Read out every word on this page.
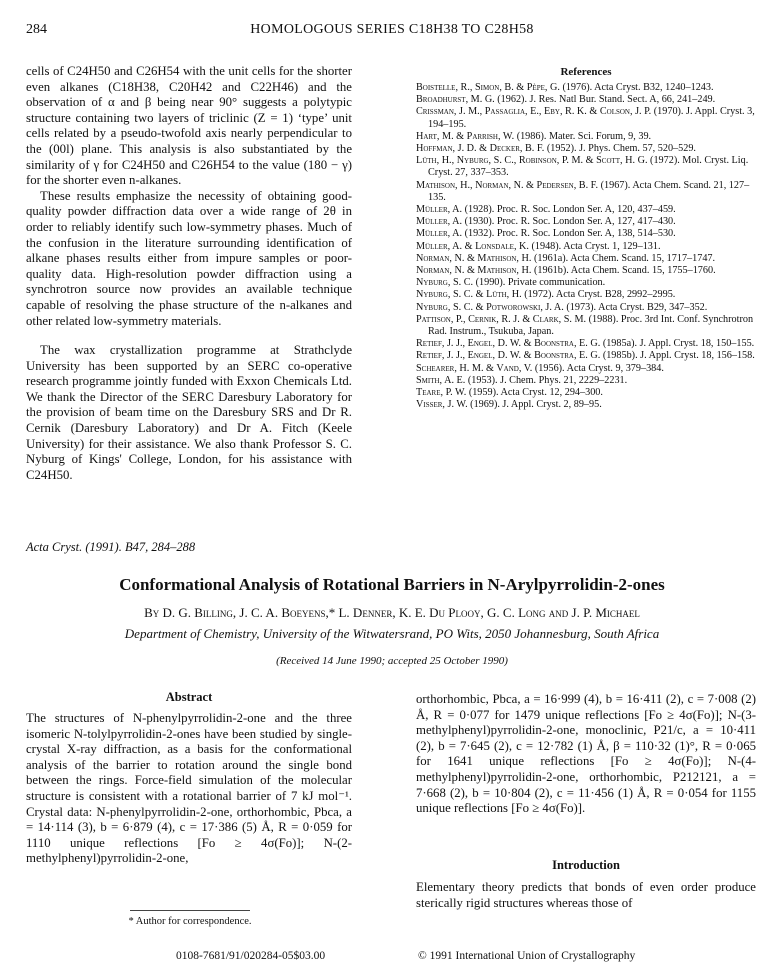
284	HOMOLOGOUS SERIES C18H38 TO C28H58

cells of C24H50 and C26H54 with the unit cells for the shorter even alkanes (C18H38, C20H42 and C22H46) and the observation of α and β being near 90° suggests a polytypic structure containing two layers of triclinic (Z = 1) ‘type’ unit cells related by a pseudo-twofold axis nearly perpendicular to the (00l) plane. This analysis is also substantiated by the similarity of γ for C24H50 and C26H54 to the value (180 − γ) for the shorter even n-alkanes.

These results emphasize the necessity of obtaining good-quality powder diffraction data over a wide range of 2θ in order to reliably identify such low-symmetry phases. Much of the confusion in the literature surrounding identification of alkane phases results either from impure samples or poor-quality data. High-resolution powder diffraction using a synchrotron source now provides an available technique capable of resolving the phase structure of the n-alkanes and other related low-symmetry materials.

The wax crystallization programme at Strathclyde University has been supported by an SERC co-operative research programme jointly funded with Exxon Chemicals Ltd. We thank the Director of the SERC Daresbury Laboratory for the provision of beam time on the Daresbury SRS and Dr R. Cernik (Daresbury Laboratory) and Dr A. Fitch (Keele University) for their assistance. We also thank Professor S. C. Nyburg of Kings' College, London, for his assistance with C24H50.

References

Boistelle, R., Simon, B. & Pèpe, G. (1976). Acta Cryst. B32, 1240–1243.

Broadhurst, M. G. (1962). J. Res. Natl Bur. Stand. Sect. A, 66, 241–249.

Crissman, J. M., Passaglia, E., Eby, R. K. & Colson, J. P. (1970). J. Appl. Cryst. 3, 194–195.

Hart, M. & Parrish, W. (1986). Mater. Sci. Forum, 9, 39.

Hoffman, J. D. & Decker, B. F. (1952). J. Phys. Chem. 57, 520–529.

Lüth, H., Nyburg, S. C., Robinson, P. M. & Scott, H. G. (1972). Mol. Cryst. Liq. Cryst. 27, 337–353.

Mathison, H., Norman, N. & Pedersen, B. F. (1967). Acta Chem. Scand. 21, 127–135.

Müller, A. (1928). Proc. R. Soc. London Ser. A, 120, 437–459.

Müller, A. (1930). Proc. R. Soc. London Ser. A, 127, 417–430.

Müller, A. (1932). Proc. R. Soc. London Ser. A, 138, 514–530.

Müller, A. & Lonsdale, K. (1948). Acta Cryst. 1, 129–131.

Norman, N. & Mathison, H. (1961a). Acta Chem. Scand. 15, 1717–1747.

Norman, N. & Mathison, H. (1961b). Acta Chem. Scand. 15, 1755–1760.

Nyburg, S. C. (1990). Private communication.

Nyburg, S. C. & Lüth, H. (1972). Acta Cryst. B28, 2992–2995.

Nyburg, S. C. & Potworowski, J. A. (1973). Acta Cryst. B29, 347–352.

Pattison, P., Cernik, R. J. & Clark, S. M. (1988). Proc. 3rd Int. Conf. Synchrotron Rad. Instrum., Tsukuba, Japan.

Retief, J. J., Engel, D. W. & Boonstra, E. G. (1985a). J. Appl. Cryst. 18, 150–155.

Retief, J. J., Engel, D. W. & Boonstra, E. G. (1985b). J. Appl. Cryst. 18, 156–158.

Schearer, H. M. & Vand, V. (1956). Acta Cryst. 9, 379–384.

Smith, A. E. (1953). J. Chem. Phys. 21, 2229–2231.

Teare, P. W. (1959). Acta Cryst. 12, 294–300.

Visser, J. W. (1969). J. Appl. Cryst. 2, 89–95.

Acta Cryst. (1991). B47, 284–288
Conformational Analysis of Rotational Barriers in N-Arylpyrrolidin-2-ones
By D. G. Billing, J. C. A. Boeyens,* L. Denner, K. E. Du Plooy, G. C. Long and J. P. Michael
Department of Chemistry, University of the Witwatersrand, PO Wits, 2050 Johannesburg, South Africa
(Received 14 June 1990; accepted 25 October 1990)
Abstract

The structures of N-phenylpyrrolidin-2-one and the three isomeric N-tolylpyrrolidin-2-ones have been studied by single-crystal X-ray diffraction, as a basis for the conformational analysis of the barrier to rotation around the single bond between the rings. Force-field simulation of the molecular structure is consistent with a rotational barrier of 7 kJ mol⁻¹. Crystal data: N-phenylpyrrolidin-2-one, orthorhombic, Pbca, a = 14·114 (3), b = 6·879 (4), c = 17·386 (5) Å, R = 0·059 for 1110 unique reflections [Fo ≥ 4σ(Fo)]; N-(2-methylphenyl)pyrrolidin-2-one,

orthorhombic, Pbca, a = 16·999 (4), b = 16·411 (2), c = 7·008 (2) Å, R = 0·077 for 1479 unique reflections [Fo ≥ 4σ(Fo)]; N-(3-methylphenyl)pyrrolidin-2-one, monoclinic, P21/c, a = 10·411 (2), b = 7·645 (2), c = 12·782 (1) Å, β = 110·32 (1)°, R = 0·065 for 1641 unique reflections [Fo ≥ 4σ(Fo)]; N-(4-methylphenyl)pyrrolidin-2-one, orthorhombic, P212121, a = 7·668 (2), b = 10·804 (2), c = 11·456 (1) Å, R = 0·054 for 1155 unique reflections [Fo ≥ 4σ(Fo)].

Introduction

Elementary theory predicts that bonds of even order produce sterically rigid structures whereas those of

* Author for correspondence.
0108-7681/91/020284-05$03.00	© 1991 International Union of Crystallography
